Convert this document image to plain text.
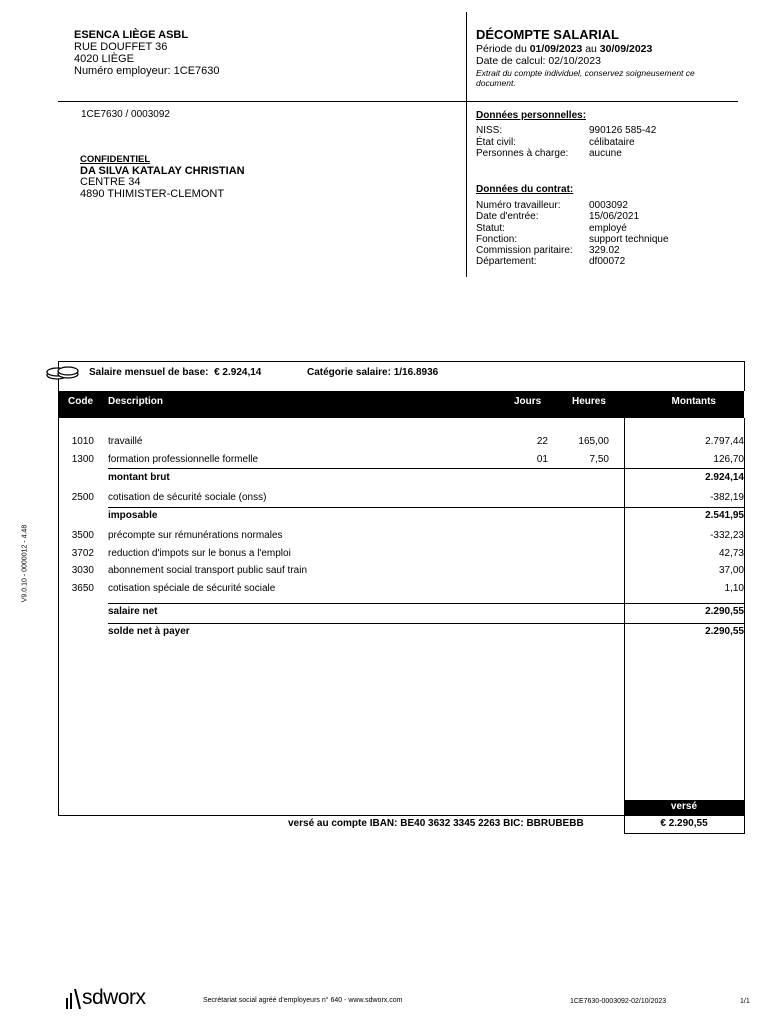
ESENCA LIÈGE ASBL
RUE DOUFFET 36
4020 LIÈGE
Numéro employeur: 1CE7630
DÉCOMPTE SALARIAL
Période du 01/09/2023 au 30/09/2023
Date de calcul: 02/10/2023
Extrait du compte individuel, conservez soigneusement ce
document.
1CE7630 / 0003092
CONFIDENTIEL
DA SILVA KATALAY CHRISTIAN
CENTRE 34
4890 THIMISTER-CLEMONT
Données personnelles:
NISS:	990126 585-42
État civil:	célibataire
Personnes à charge: aucune
Données du contrat:
Numéro travailleur:	0003092
Date d'entrée:	15/06/2021
Statut:	employé
Fonction:	support technique
Commission paritaire: 329.02
Département:	df00072
V9.0.10 - 0000012 - 4.48
Salaire mensuel de base: € 2.924,14	Catégorie salaire: 1/16.8936
Code Description	Jours	Heures	Montants
1010 travaillé	22	165,00	2.797,44
1300 formation professionnelle formelle	01	7,50	126,70
montant brut	2.924,14
2500 cotisation de sécurité sociale (onss)	-382,19
imposable	2.541,95
3500 précompte sur rémunérations normales	-332,23
3702 reduction d'impots sur le bonus a l'emploi	42,73
3030 abonnement social transport public sauf train	37,00
3650 cotisation spéciale de sécurité sociale	1,10
salaire net	2.290,55
solde net à payer	2.290,55
versé
€ 2.290,55
versé au compte IBAN: BE40 3632 3345 2263 BIC: BBRUBEBB
sdworx	Secrétariat social agréé d'employeurs n° 640 - www.sdworx.com	1CE7630-0003092-02/10/2023	1/1
